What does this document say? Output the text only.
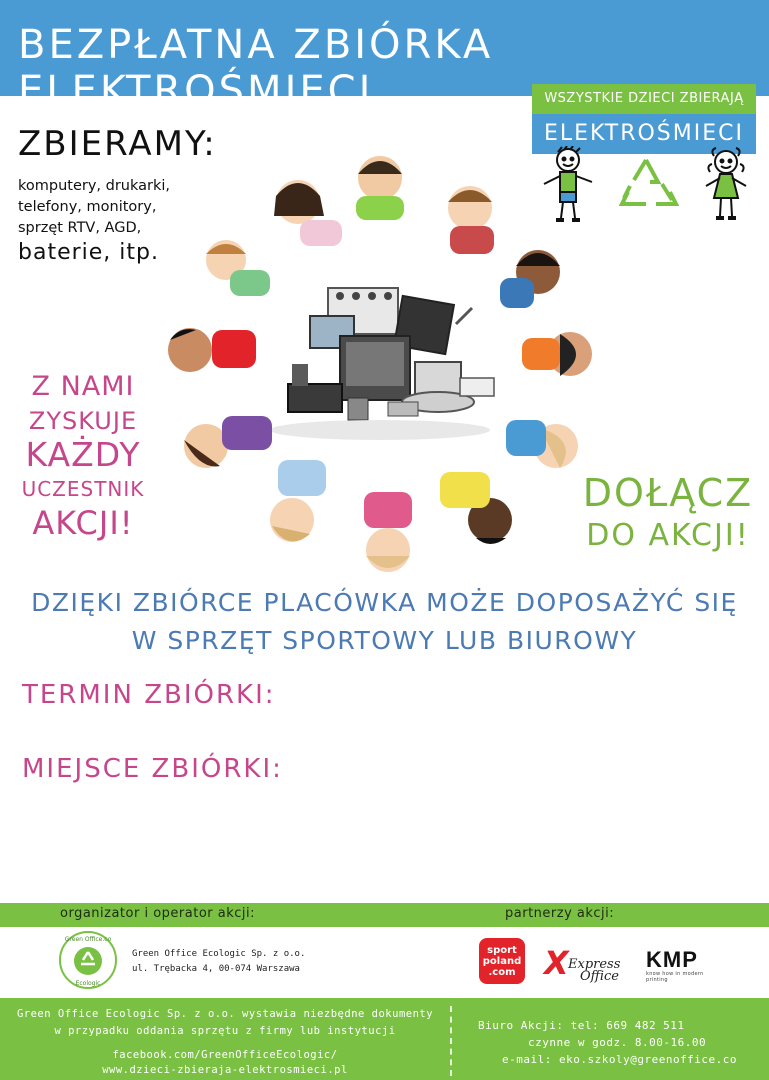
BEZPŁATNA ZBIÓRKA ELEKTROŚMIECI	WSZYSTKIE DZIECI ZBIERAJĄ
ELEKTROŚMIECI
ZBIERAMY:
komputery, drukarki,
telefony, monitory,
sprzęt RTV, AGD,
baterie, itp.
Z NAMI
ZYSKUJE
KAŻDY
UCZESTNIK
AKCJI!
DOŁĄCZ
DO AKCJI!
DZIĘKI ZBIÓRCE PLACÓWKA MOŻE DOPOSAŻYĆ SIĘ
W SPRZĘT SPORTOWY LUB BIUROWY
TERMIN ZBIÓRKI:
MIEJSCE ZBIÓRKI:
organizator i operator akcji:	partnerzy akcji:
Green Office.co
Ecologic
Green Office Ecologic Sp. z o.o.
ul. Trębacka 4, 00-074 Warszawa
sport
poland
.com X Express
Office
KMP
know how in modern printing
Green Office Ecologic Sp. z o.o. wystawia niezbędne dokumenty
w przypadku oddania sprzętu z firmy lub instytucji
facebook.com/GreenOfficeEcologic/
www.dzieci-zbieraja-elektrosmieci.pl
Biuro Akcji: tel: 669 482 511
czynne w godz. 8.00-16.00
e-mail: eko.szkoly@greenoffice.co
